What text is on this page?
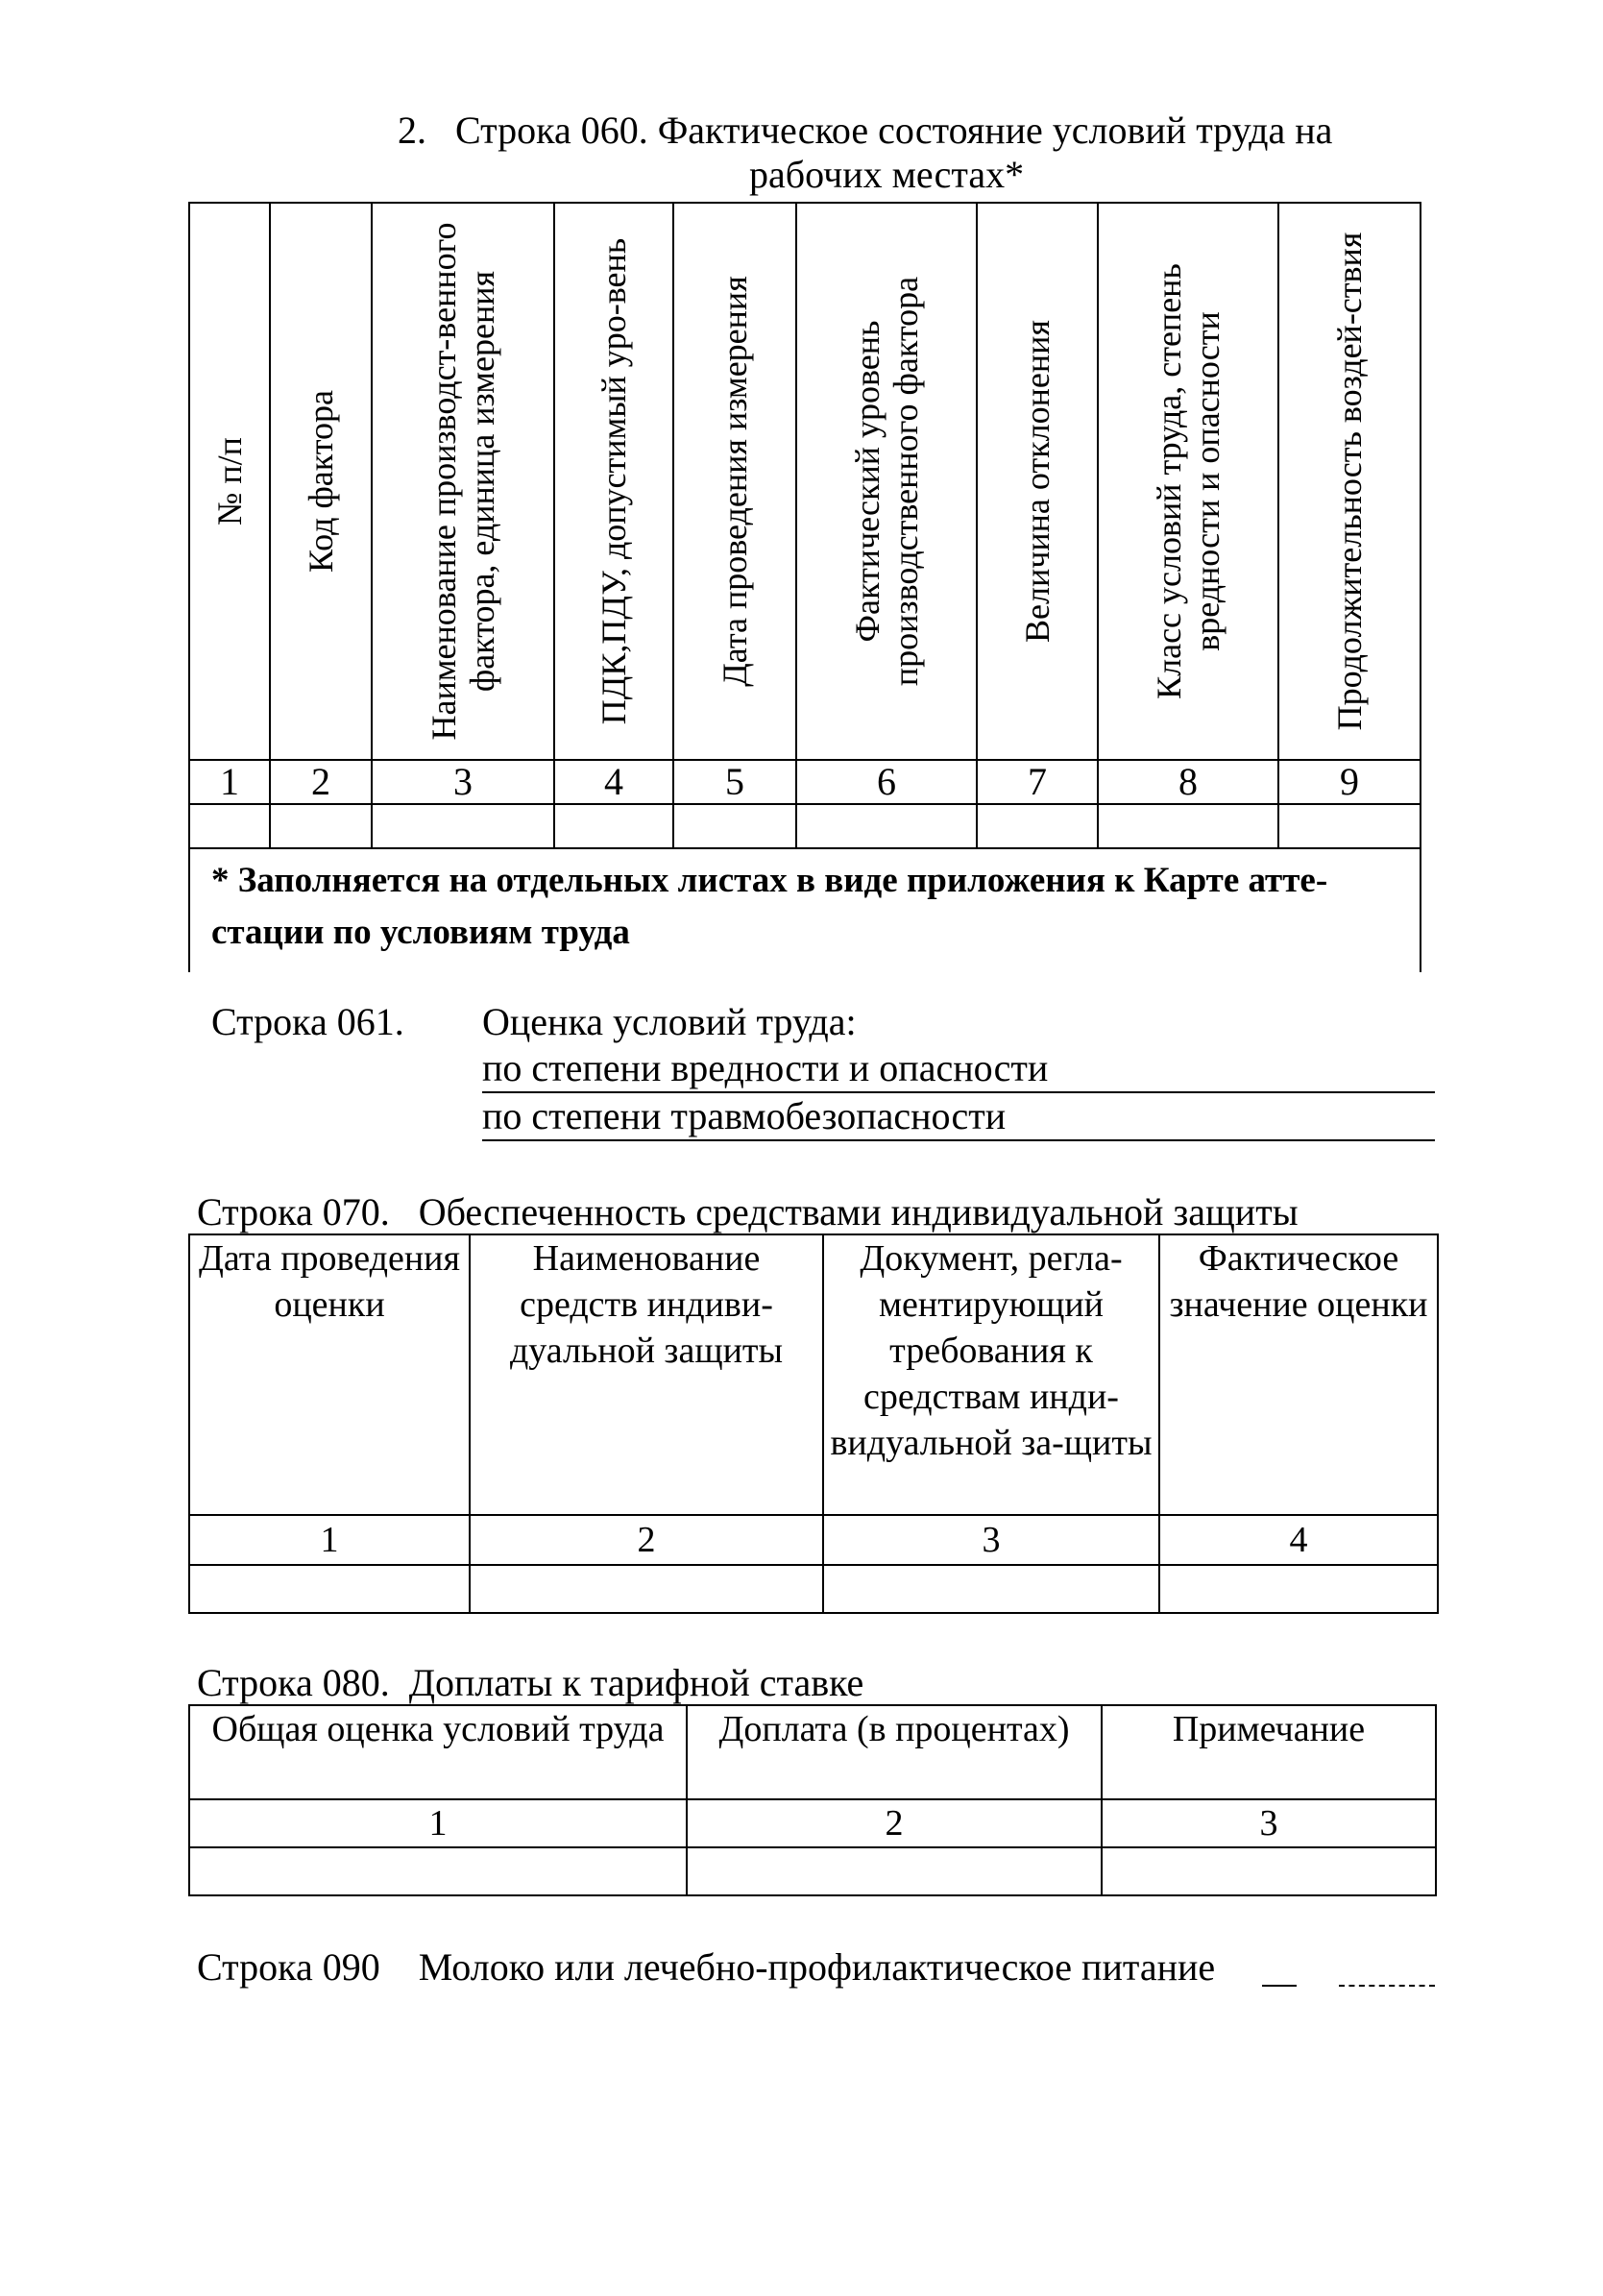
2. Строка 060. Фактическое состояние условий труда на
рабочих местах*
№ п/п	Код фактора	Наименование производст-венного фактора, единица измерения	ПДК,ПДУ, допустимый уро-вень	Дата проведения измерения	Фактический уровень производственного фактора	Величина отклонения	Класс условий труда, степень вредности и опасности	Продолжительность воздей-ствия

1	2	3	4	5	6	7	8	9

* Заполняется на отдельных листах в виде приложения к Карте атте-стации по условиям труда								
Строка 061. Оценка условий труда:
по степени вредности и опасности
по степени травмобезопасности
Строка 070.   Обеспеченность средствами индивидуальной защиты
Дата проведения оценки	Наименование средств индиви-дуальной защиты	Документ, регла-ментирующий требования к средствам инди-видуальной за-щиты	Фактическое значение оценки
1	2	3	4

Строка 080.  Доплаты к тарифной ставке
Общая оценка условий труда	Доплата (в процентах)	Примечание
1	2	3

Строка 090    Молоко или лечебно-профилактическое питание
